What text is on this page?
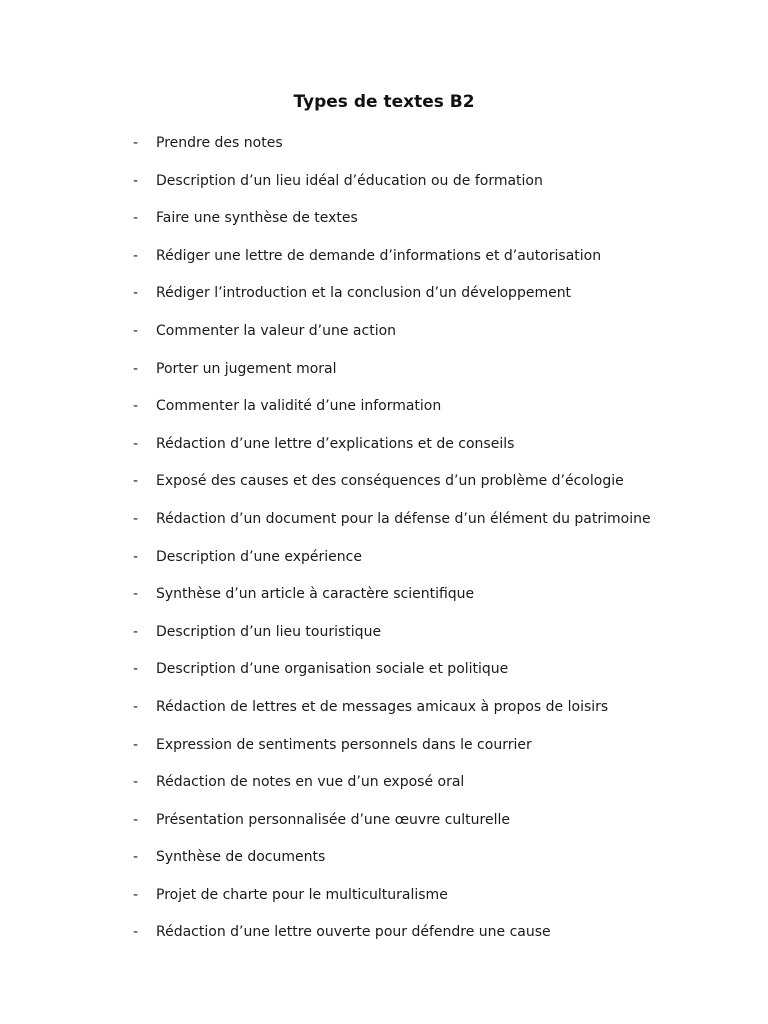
Types de textes B2
- Prendre des notes
- Description d’un lieu idéal d’éducation ou de formation
- Faire une synthèse de textes
- Rédiger une lettre de demande d’informations et d’autorisation
- Rédiger l’introduction et la conclusion d’un développement
- Commenter la valeur d’une action
- Porter un jugement moral
- Commenter la validité d’une information
- Rédaction d’une lettre d’explications et de conseils
- Exposé des causes et des conséquences d’un problème d’écologie
- Rédaction d’un document pour la défense d’un élément du patrimoine
- Description d’une expérience
- Synthèse d’un article à caractère scientifique
- Description d’un lieu touristique
- Description d’une organisation sociale et politique
- Rédaction de lettres et de messages amicaux à propos de loisirs
- Expression de sentiments personnels dans le courrier
- Rédaction de notes en vue d’un exposé oral
- Présentation personnalisée d’une œuvre culturelle
- Synthèse de documents
- Projet de charte pour le multiculturalisme
- Rédaction d’une lettre ouverte pour défendre une cause
